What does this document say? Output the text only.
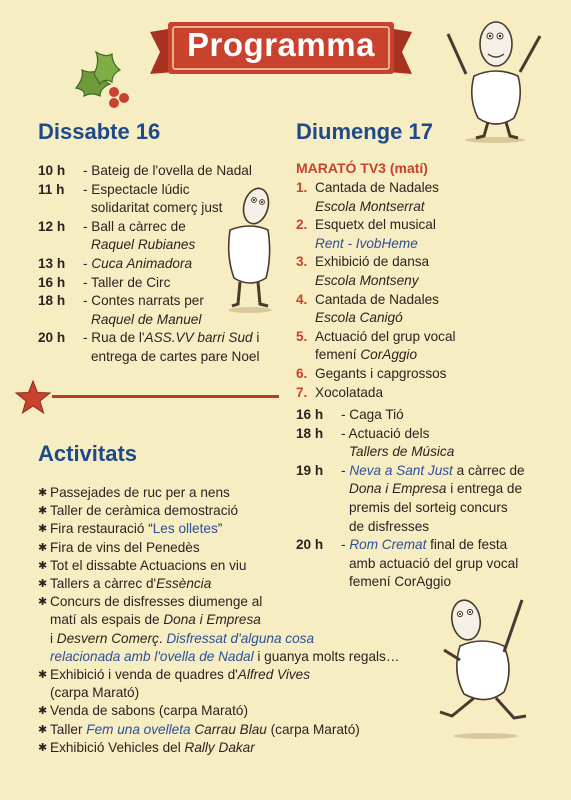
Programma
Dissabte 16
10 h	- Bateig de l'ovella de Nadal
11 h	- Espectacle lúdic
solidaritat comerç just
12 h	- Ball a càrrec de
Raquel Rubianes
13 h	- Cuca Animadora
16 h	- Taller de Circ
18 h	- Contes narrats per
Raquel de Manuel
20 h	- Rua de l'ASS.VV barri Sud i
entrega de cartes pare Noel
Diumenge 17
MARATÓ TV3 (matí)
1. Cantada de Nadales
Escola Montserrat
2. Esquetx del musical
Rent - IvobHeme
3. Exhibició de dansa
Escola Montseny
4. Cantada de Nadales
Escola Canigó
5. Actuació del grup vocal
femení CorAggio
6. Gegants i capgrossos
7. Xocolatada
16 h	- Caga Tió
18 h	- Actuació dels
Tallers de Música
19 h	- Neva a Sant Just a càrrec de
Dona i Empresa i entrega de
premis del sorteig concurs
de disfresses
20 h	- Rom Cremat final de festa
amb actuació del grup vocal
femení CorAggio
Activitats
✱ Passejades de ruc per a nens
✱ Taller de ceràmica demostració
✱ Fira restauració “Les olletes”
✱ Fira de vins del Penedès
✱ Tot el dissabte Actuacions en viu
✱ Tallers a càrrec d'Essència
✱ Concurs de disfresses diumenge al
matí als espais de Dona i Empresa
i Desvern Comerç. Disfressat d'alguna cosa
relacionada amb l'ovella de Nadal i guanya molts regals…
✱ Exhibició i venda de quadres d'Alfred Vives
(carpa Marató)
✱ Venda de sabons (carpa Marató)
✱ Taller Fem una ovelleta Carrau Blau (carpa Marató)
✱ Exhibició Vehicles del Rally Dakar
